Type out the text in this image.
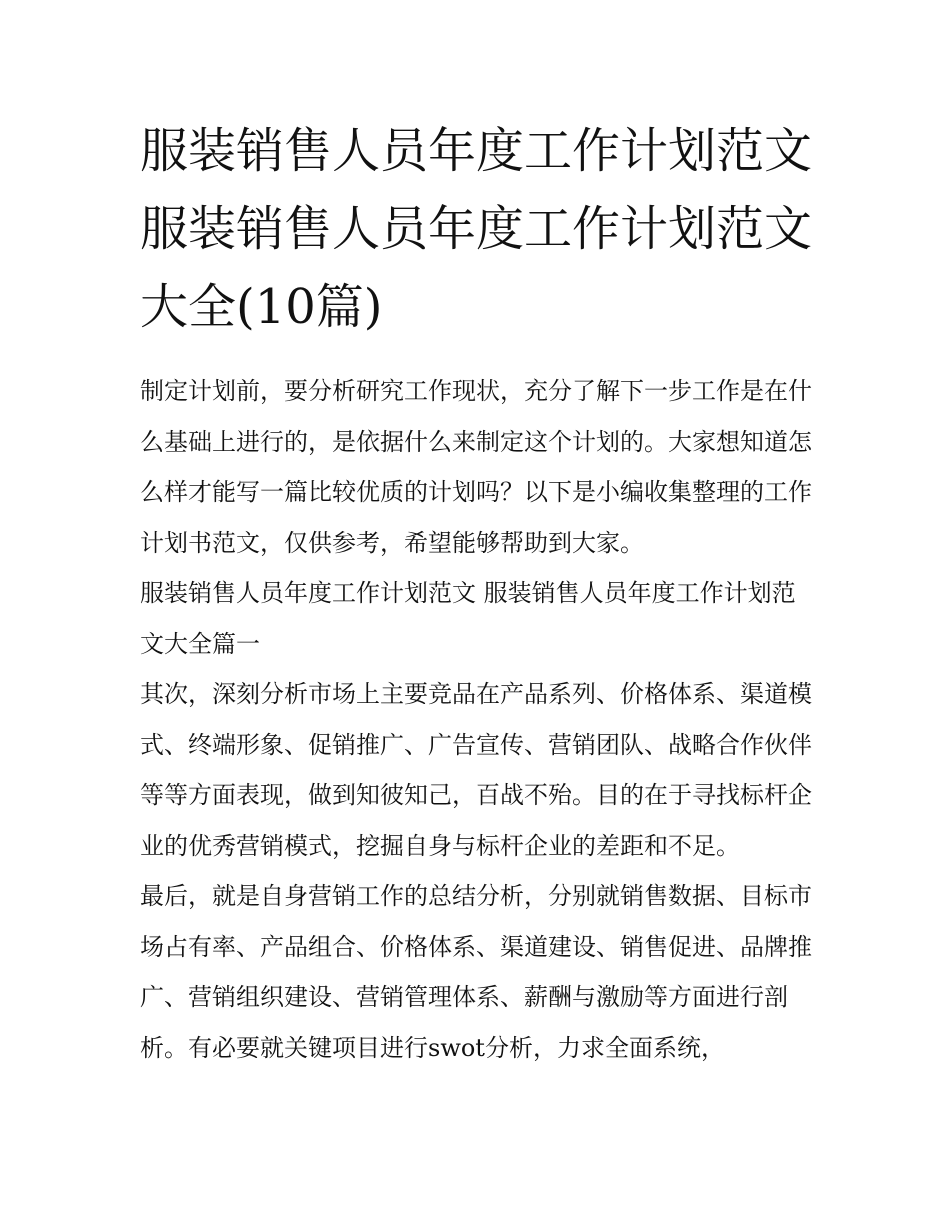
服装销售人员年度工作计划范文 服装销售人员年度工作计划范文大全(10篇)

制定计划前，要分析研究工作现状，充分了解下一步工作是在什么基础上进行的，是依据什么来制定这个计划的。大家想知道怎么样才能写一篇比较优质的计划吗？以下是小编收集整理的工作计划书范文，仅供参考，希望能够帮助到大家。

服装销售人员年度工作计划范文 服装销售人员年度工作计划范文大全篇一

其次，深刻分析市场上主要竞品在产品系列、价格体系、渠道模式、终端形象、促销推广、广告宣传、营销团队、战略合作伙伴等等方面表现，做到知彼知己，百战不殆。目的在于寻找标杆企业的优秀营销模式，挖掘自身与标杆企业的差距和不足。

最后，就是自身营销工作的总结分析，分别就销售数据、目标市场占有率、产品组合、价格体系、渠道建设、销售促进、品牌推广、营销组织建设、营销管理体系、薪酬与激励等方面进行剖析。有必要就关键项目进行swot分析，力求全面系统，
